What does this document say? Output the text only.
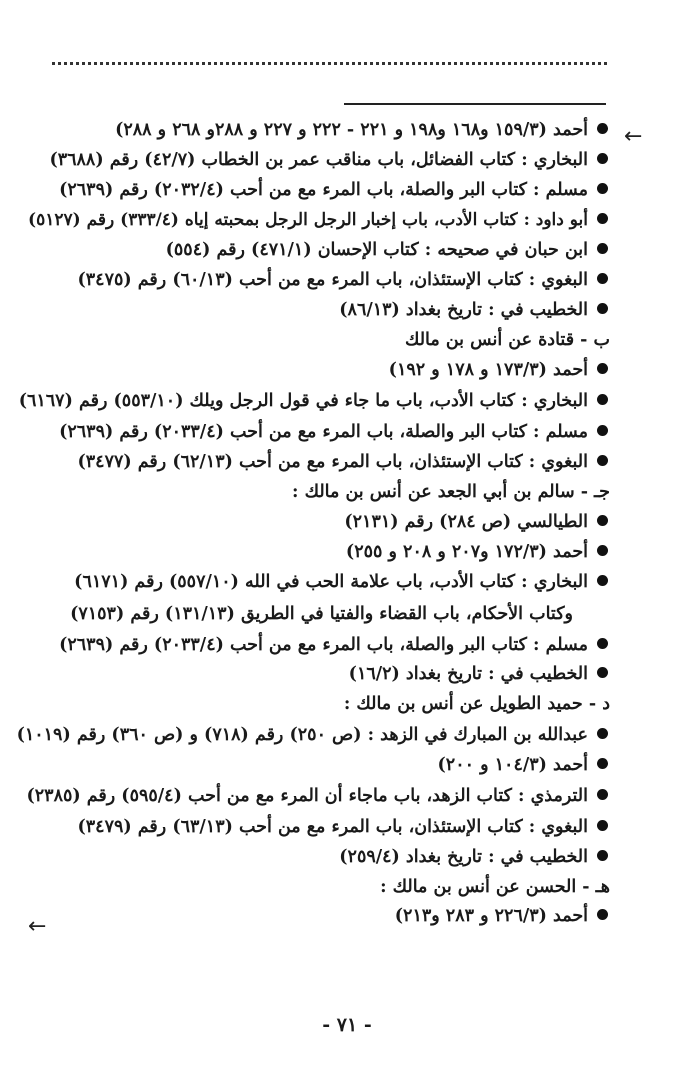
أحمد (١٥٩/٣ و١٦٨ و١٩٨ و ٢٢١ - ٢٢٢ و ٢٢٧ و ٢٨٨و ٢٦٨ و ٢٨٨)
البخاري : كتاب الفضائل، باب مناقب عمر بن الخطاب (٤٢/٧) رقم (٣٦٨٨)
مسلم : كتاب البر والصلة، باب المرء مع من أحب (٢٠٣٢/٤) رقم (٢٦٣٩)
أبو داود : كتاب الأدب، باب إخبار الرجل الرجل بمحبته إياه (٣٣٣/٤) رقم (٥١٢٧)
ابن حبان في صحيحه : كتاب الإحسان (٤٧١/١) رقم (٥٥٤)
البغوي : كتاب الإستئذان، باب المرء مع من أحب (٦٠/١٣) رقم (٣٤٧٥)
الخطيب في : تاريخ بغداد (٨٦/١٣)
ب - قتادة عن أنس بن مالك
أحمد (١٧٣/٣ و ١٧٨ و ١٩٢)
البخاري : كتاب الأدب، باب ما جاء في قول الرجل ويلك (٥٥٣/١٠) رقم (٦١٦٧)
مسلم : كتاب البر والصلة، باب المرء مع من أحب (٢٠٣٣/٤) رقم (٢٦٣٩)
البغوي : كتاب الإستئذان، باب المرء مع من أحب (٦٢/١٣) رقم (٣٤٧٧)
جـ - سالم بن أبي الجعد عن أنس بن مالك :
الطيالسي (ص ٢٨٤) رقم (٢١٣١)
أحمد (١٧٢/٣ و٢٠٧ و ٢٠٨ و ٢٥٥)
البخاري : كتاب الأدب، باب علامة الحب في الله (٥٥٧/١٠) رقم (٦١٧١)
وكتاب الأحكام، باب القضاء والفتيا في الطريق (١٣١/١٣) رقم (٧١٥٣)
مسلم : كتاب البر والصلة، باب المرء مع من أحب (٢٠٣٣/٤) رقم (٢٦٣٩)
الخطيب في : تاريخ بغداد (١٦/٢)
د - حميد الطويل عن أنس بن مالك :
عبدالله بن المبارك في الزهد : (ص ٢٥٠) رقم (٧١٨) و (ص ٣٦٠) رقم (١٠١٩)
أحمد (١٠٤/٣ و ٢٠٠)
الترمذي : كتاب الزهد، باب ماجاء أن المرء مع من أحب (٥٩٥/٤) رقم (٢٣٨٥)
البغوي : كتاب الإستئذان، باب المرء مع من أحب (٦٣/١٣) رقم (٣٤٧٩)
الخطيب في : تاريخ بغداد (٢٥٩/٤)
هـ - الحسن عن أنس بن مالك :
أحمد (٢٢٦/٣ و ٢٨٣ و٢١٣)
←
←
- ٧١ -
